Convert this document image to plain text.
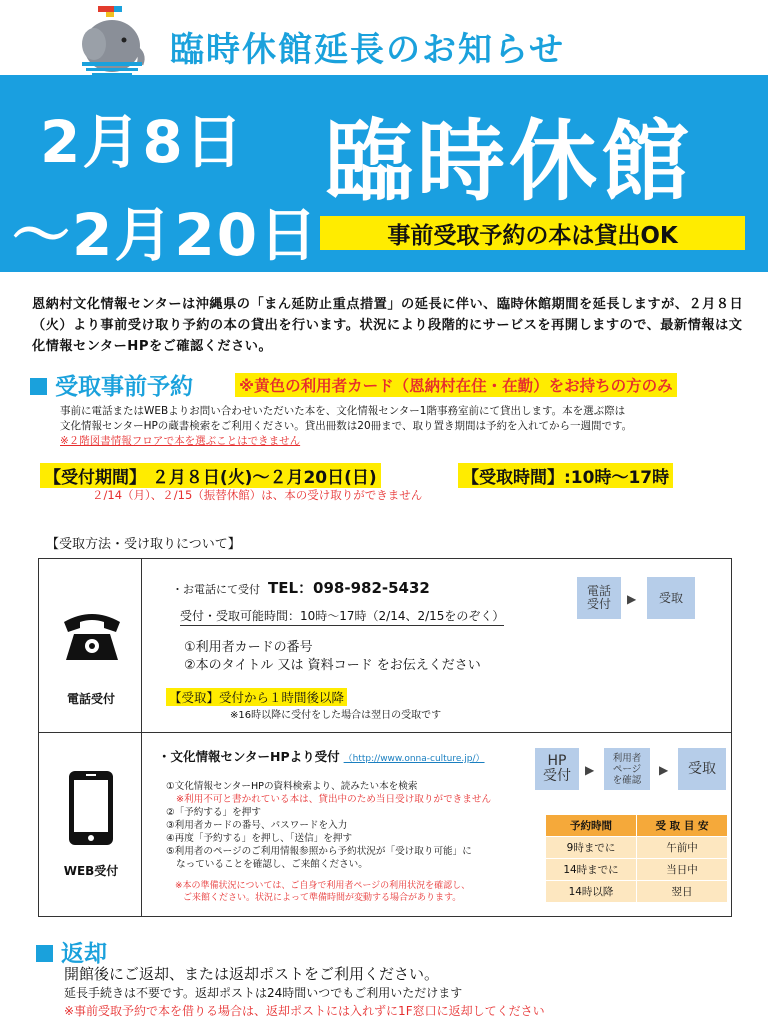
臨時休館延長のお知らせ
2月8日
～2月20日
臨時休館
事前受取予約の本は貸出OK
恩納村文化情報センターは沖縄県の「まん延防止重点措置」の延長に伴い、臨時休館期間を延長しますが、２月８日（火）より事前受け取り予約の本の貸出を行います。状況により段階的にサービスを再開しますので、最新情報は文化情報センターHPをご確認ください。
受取事前予約	※黄色の利用者カード（恩納村在住・在勤）をお持ちの方のみ
事前に電話またはWEBよりお問い合わせいただいた本を、文化情報センター1階事務室前にて貸出します。本を選ぶ際は
文化情報センターHPの蔵書検索をご利用ください。貸出冊数は20冊まで、取り置き期間は予約を入れてから一週間です。
※２階図書情報フロアで本を選ぶことはできません
【受付期間】 ２月８日(火)～２月20日(日)	【受取時間】:10時～17時
２/14（月）、２/15（振替休館）は、本の受け取りができません
【受取方法・受け取りについて】
電話受付
・お電話にて受付 TEL：098-982-5432
受付・受取可能時間：10時～17時（2/14、2/15をのぞく）
①利用者カードの番号
②本のタイトル 又は 資料コード をお伝えください
【受取】受付から１時間後以降
※16時以降に受付をした場合は翌日の受取です
電話
受付	▶	受取
WEB受付
・文化情報センターHPより受付 （http://www.onna-culture.jp/）
①文化情報センターHPの資料検索より、読みたい本を検索
※利用不可と書かれている本は、貸出中のため当日受け取りができません
②「予約する」を押す
③利用者カードの番号、パスワードを入力
④再度「予約する」を押し、「送信」を押す
⑤利用者のページのご利用情報参照から予約状況が「受け取り可能」に
なっていることを確認し、ご来館ください。
※本の準備状況については、ご自身で利用者ページの利用状況を確認し、
ご来館ください。状況によって準備時間が変動する場合があります。
HP
受付	▶
利用者
ページ
を確認
▶	受取
予約時間	受 取 目 安
9時までに	午前中
14時までに	当日中
14時以降	翌日
返却
開館後にご返却、または返却ポストをご利用ください。
延長手続きは不要です。返却ポストは24時間いつでもご利用いただけます
※事前受取予約で本を借りる場合は、返却ポストには入れずに1F窓口に返却してください
